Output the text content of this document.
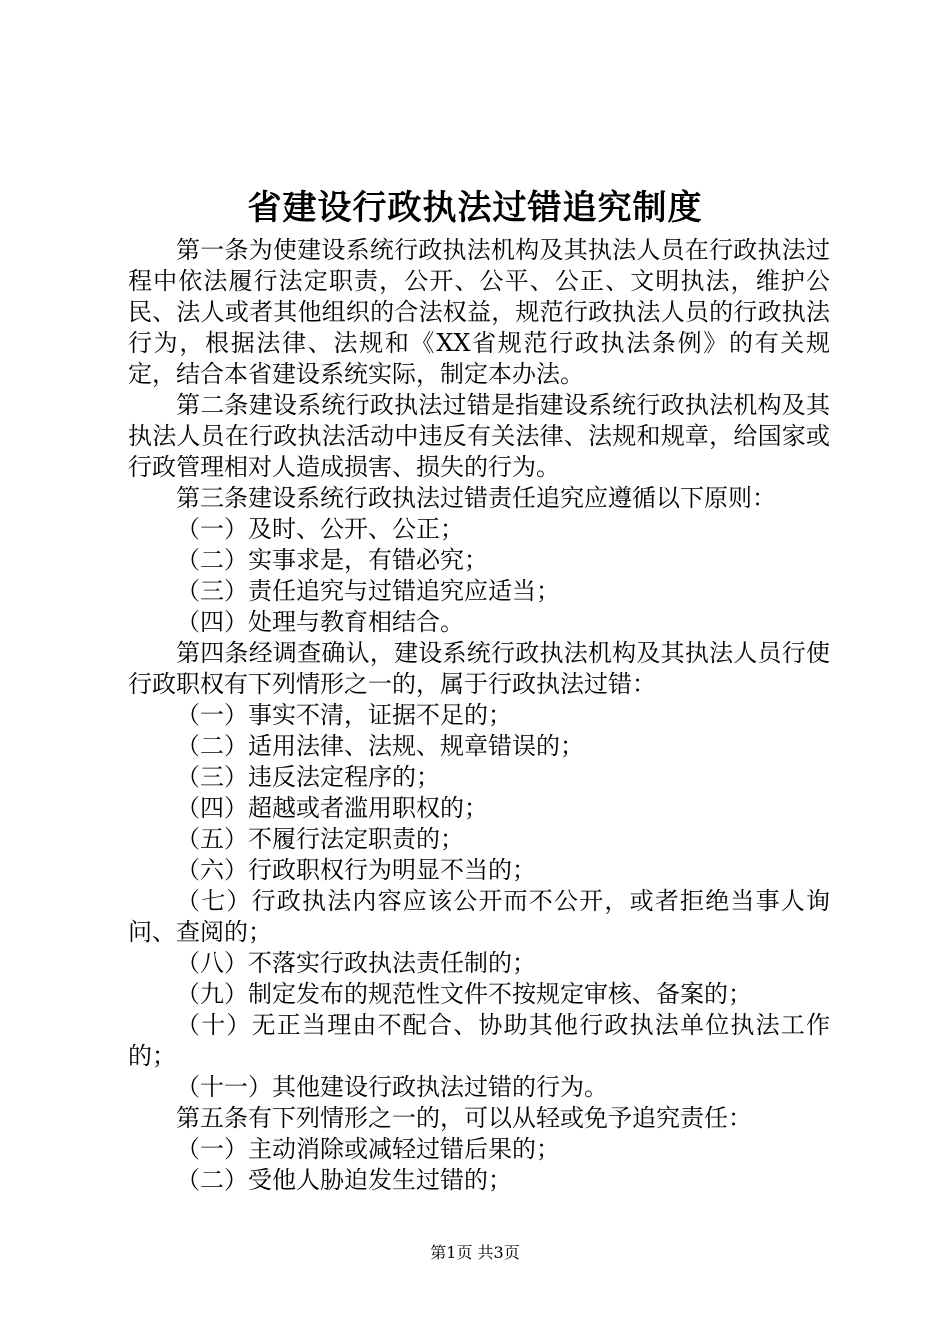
省建设行政执法过错追究制度

第一条为使建设系统行政执法机构及其执法人员在行政执法过程中依法履行法定职责，公开、公平、公正、文明执法，维护公民、法人或者其他组织的合法权益，规范行政执法人员的行政执法行为，根据法律、法规和《XX省规范行政执法条例》的有关规定，结合本省建设系统实际，制定本办法。

第二条建设系统行政执法过错是指建设系统行政执法机构及其执法人员在行政执法活动中违反有关法律、法规和规章，给国家或行政管理相对人造成损害、损失的行为。

第三条建设系统行政执法过错责任追究应遵循以下原则：

（一）及时、公开、公正；

（二）实事求是，有错必究；

（三）责任追究与过错追究应适当；

（四）处理与教育相结合。

第四条经调查确认，建设系统行政执法机构及其执法人员行使行政职权有下列情形之一的，属于行政执法过错：

（一）事实不清，证据不足的；

（二）适用法律、法规、规章错误的；

（三）违反法定程序的；

（四）超越或者滥用职权的；

（五）不履行法定职责的；

（六）行政职权行为明显不当的；

（七）行政执法内容应该公开而不公开，或者拒绝当事人询问、查阅的；

（八）不落实行政执法责任制的；

（九）制定发布的规范性文件不按规定审核、备案的；

（十）无正当理由不配合、协助其他行政执法单位执法工作的；

（十一）其他建设行政执法过错的行为。

第五条有下列情形之一的，可以从轻或免予追究责任：

（一）主动消除或减轻过错后果的；

（二）受他人胁迫发生过错的；

第1页 共3页
